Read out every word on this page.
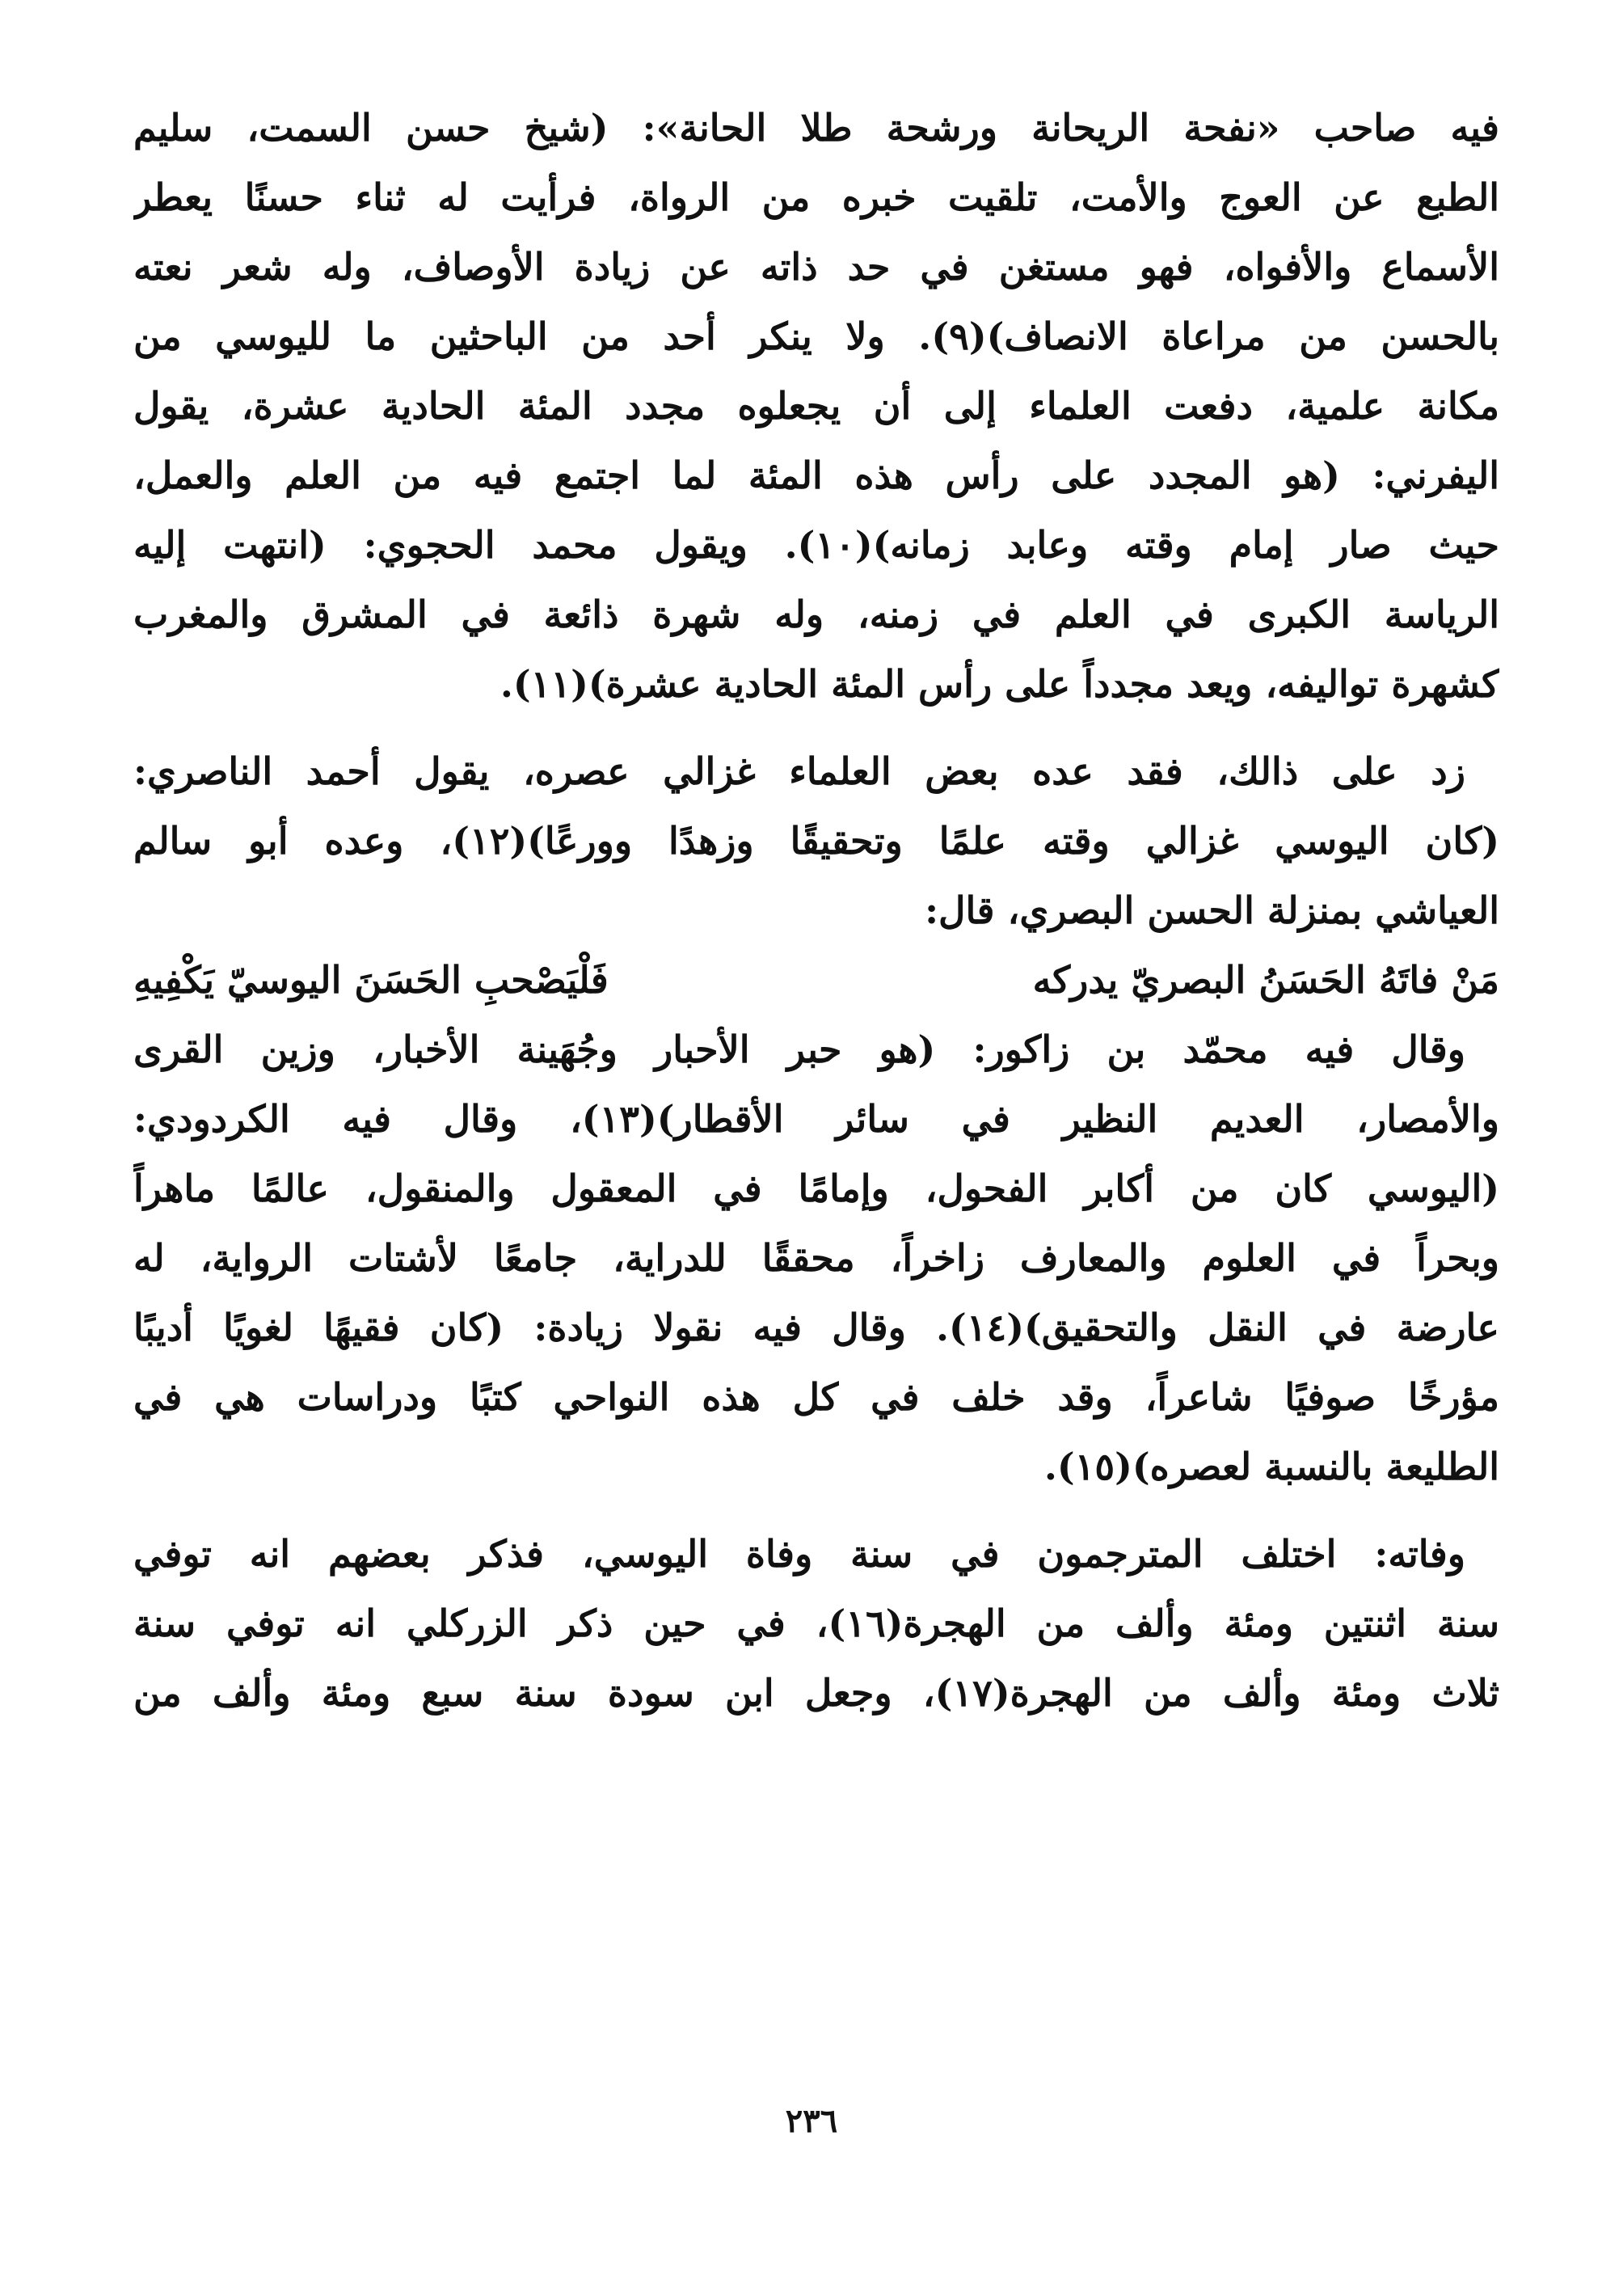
فيه صاحب «نفحة الريحانة ورشحة طلا الحانة»: (شيخ حسن السمت، سليم
الطبع عن العوج والأمت، تلقيت خبره من الرواة، فرأيت له ثناء حسنًا يعطر
الأسماع والأفواه، فهو مستغن في حد ذاته عن زيادة الأوصاف، وله شعر نعته
بالحسن من مراعاة الانصاف)(٩). ولا ينكر أحد من الباحثين ما لليوسي من
مكانة علمية، دفعت العلماء إلى أن يجعلوه مجدد المئة الحادية عشرة، يقول
اليفرني: (هو المجدد على رأس هذه المئة لما اجتمع فيه من العلم والعمل،
حيث صار إمام وقته وعابد زمانه)(١٠). ويقول محمد الحجوي: (انتهت إليه
الرياسة الكبرى في العلم في زمنه، وله شهرة ذائعة في المشرق والمغرب
كشهرة تواليفه، ويعد مجدداً على رأس المئة الحادية عشرة)(١١).
زد على ذالك، فقد عده بعض العلماء غزالي عصره، يقول أحمد الناصري:
(كان اليوسي غزالي وقته علمًا وتحقيقًا وزهدًا وورعًا)(١٢)، وعده أبو سالم
العياشي بمنزلة الحسن البصري، قال:
مَنْ فاتَهُ الحَسَنُ البصريّ يدركه
فَلْيَصْحبِ الحَسَنَ اليوسيّ يَكْفِيهِ
وقال فيه محمّد بن زاكور: (هو حبر الأحبار وجُهَينة الأخبار، وزين القرى
والأمصار، العديم النظير في سائر الأقطار)(١٣)، وقال فيه الكردودي:
(اليوسي كان من أكابر الفحول، وإمامًا في المعقول والمنقول، عالمًا ماهراً
وبحراً في العلوم والمعارف زاخراً، محققًا للدراية، جامعًا لأشتات الرواية، له
عارضة في النقل والتحقيق)(١٤). وقال فيه نقولا زيادة: (كان فقيهًا لغويًا أديبًا
مؤرخًا صوفيًا شاعراً، وقد خلف في كل هذه النواحي كتبًا ودراسات هي في
الطليعة بالنسبة لعصره)(١٥).
وفاته: اختلف المترجمون في سنة وفاة اليوسي، فذكر بعضهم انه توفي
سنة اثنتين ومئة وألف من الهجرة(١٦)، في حين ذكر الزركلي انه توفي سنة
ثلاث ومئة وألف من الهجرة(١٧)، وجعل ابن سودة سنة سبع ومئة وألف من
٢٣٦
